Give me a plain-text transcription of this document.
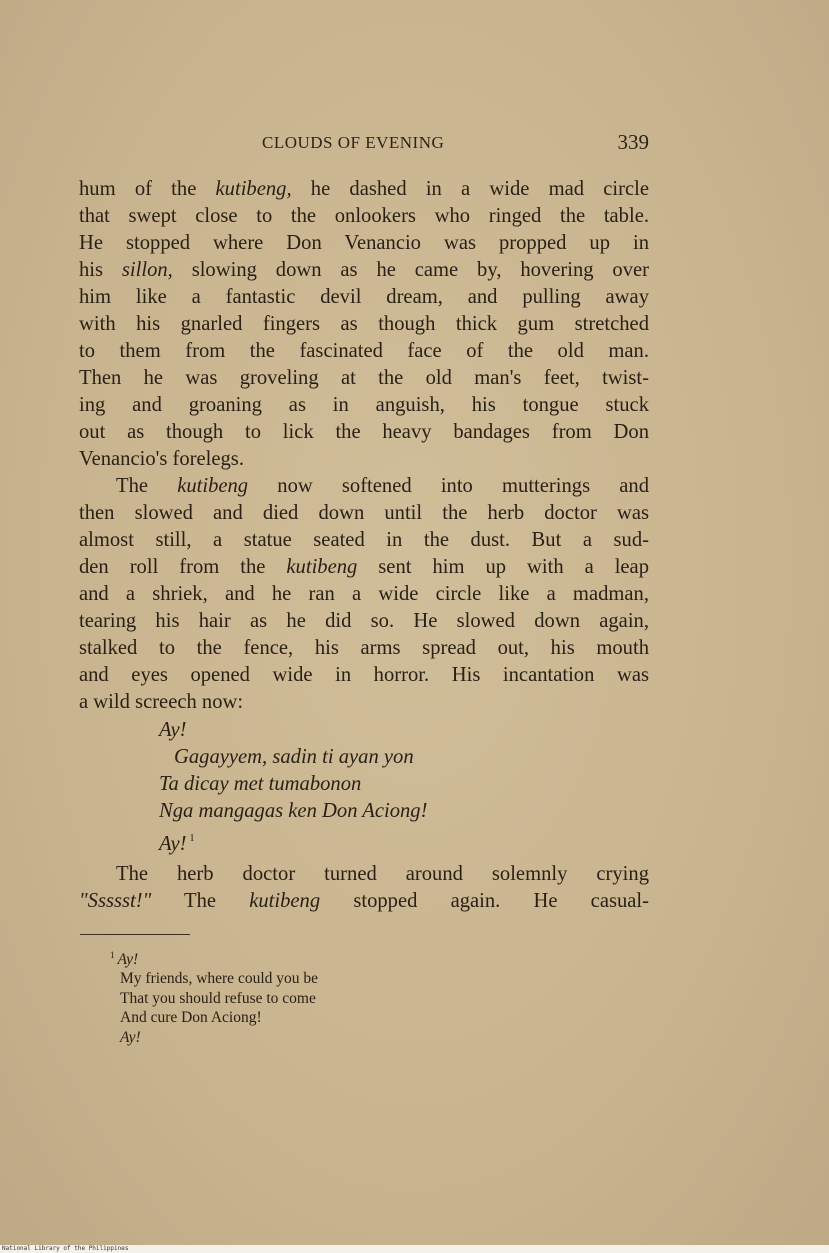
CLOUDS OF EVENING	339
hum of the kutibeng, he dashed in a wide mad circle
that swept close to the onlookers who ringed the table.
He stopped where Don Venancio was propped up in
his sillon, slowing down as he came by, hovering over
him like a fantastic devil dream, and pulling away
with his gnarled fingers as though thick gum stretched
to them from the fascinated face of the old man.
Then he was groveling at the old man's feet, twist-
ing and groaning as in anguish, his tongue stuck
out as though to lick the heavy bandages from Don
Venancio's forelegs.
The kutibeng now softened into mutterings and
then slowed and died down until the herb doctor was
almost still, a statue seated in the dust. But a sud-
den roll from the kutibeng sent him up with a leap
and a shriek, and he ran a wide circle like a madman,
tearing his hair as he did so. He slowed down again,
stalked to the fence, his arms spread out, his mouth
and eyes opened wide in horror. His incantation was
a wild screech now:
Ay!
Gagayyem, sadin ti ayan yon
Ta dicay met tumabonon
Nga mangagas ken Don Aciong!
Ay! $^1$
The herb doctor turned around solemnly crying
"Ssssst!" The kutibeng stopped again. He casual-
$^1$ Ay!
My friends, where could you be
That you should refuse to come
And cure Don Aciong!
Ay!
National Library of the Philippines
